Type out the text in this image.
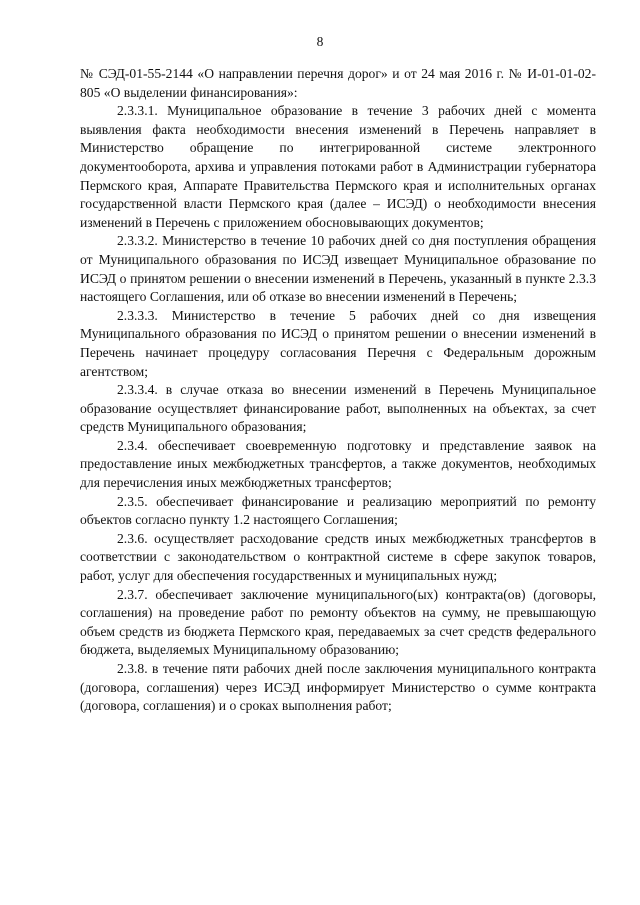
8

№ СЭД-01-55-2144 «О направлении перечня дорог» и от 24 мая 2016 г. № И-01-01-02-805 «О выделении финансирования»:

2.3.3.1. Муниципальное образование в течение 3 рабочих дней с момента выявления факта необходимости внесения изменений в Перечень направляет в Министерство обращение по интегрированной системе электронного документооборота, архива и управления потоками работ в Администрации губернатора Пермского края, Аппарате Правительства Пермского края и исполнительных органах государственной власти Пермского края (далее – ИСЭД) о необходимости внесения изменений в Перечень с приложением обосновывающих документов;

2.3.3.2. Министерство в течение 10 рабочих дней со дня поступления обращения от Муниципального образования по ИСЭД извещает Муниципальное образование по ИСЭД о принятом решении о внесении изменений в Перечень, указанный в пункте 2.3.3 настоящего Соглашения, или об отказе во внесении изменений в Перечень;

2.3.3.3. Министерство в течение 5 рабочих дней со дня извещения Муниципального образования по ИСЭД о принятом решении о внесении изменений в Перечень начинает процедуру согласования Перечня с Федеральным дорожным агентством;

2.3.3.4. в случае отказа во внесении изменений в Перечень Муниципальное образование осуществляет финансирование работ, выполненных на объектах, за счет средств Муниципального образования;

2.3.4. обеспечивает своевременную подготовку и представление заявок на предоставление иных межбюджетных трансфертов, а также документов, необходимых для перечисления иных межбюджетных трансфертов;

2.3.5. обеспечивает финансирование и реализацию мероприятий по ремонту объектов согласно пункту 1.2 настоящего Соглашения;

2.3.6. осуществляет расходование средств иных межбюджетных трансфертов в соответствии с законодательством о контрактной системе в сфере закупок товаров, работ, услуг для обеспечения государственных и муниципальных нужд;

2.3.7. обеспечивает заключение муниципального(ых) контракта(ов) (договоры, соглашения) на проведение работ по ремонту объектов на сумму, не превышающую объем средств из бюджета Пермского края, передаваемых за счет средств федерального бюджета, выделяемых Муниципальному образованию;

2.3.8. в течение пяти рабочих дней после заключения муниципального контракта (договора, соглашения) через ИСЭД информирует Министерство о сумме контракта (договора, соглашения) и о сроках выполнения работ;
